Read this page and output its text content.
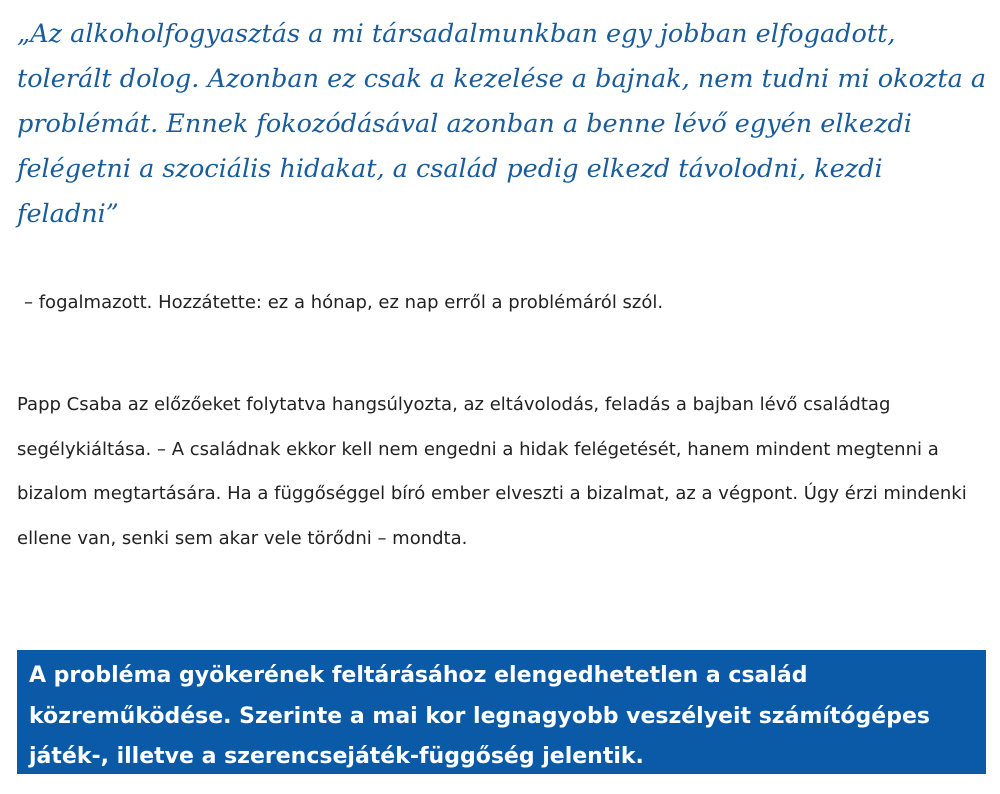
„Az alkoholfogyasztás a mi társadalmunkban egy jobban elfogadott, tolerált dolog. Azonban ez csak a kezelése a bajnak, nem tudni mi okozta a problémát. Ennek fokozódásával azonban a benne lévő egyén elkezdi felégetni a szociális hidakat, a család pedig elkezd távolodni, kezdi feladni”

– fogalmazott. Hozzátette: ez a hónap, ez nap erről a problémáról szól.

Papp Csaba az előzőeket folytatva hangsúlyozta, az eltávolodás, feladás a bajban lévő családtag segélykiáltása. – A családnak ekkor kell nem engedni a hidak felégetését, hanem mindent megtenni a bizalom megtartására. Ha a függőséggel bíró ember elveszti a bizalmat, az a végpont. Úgy érzi mindenki ellene van, senki sem akar vele törődni – mondta.

A probléma gyökerének feltárásához elengedhetetlen a család közreműködése. Szerinte a mai kor legnagyobb veszélyeit számítógépes játék-, illetve a szerencsejáték-függőség jelentik.
